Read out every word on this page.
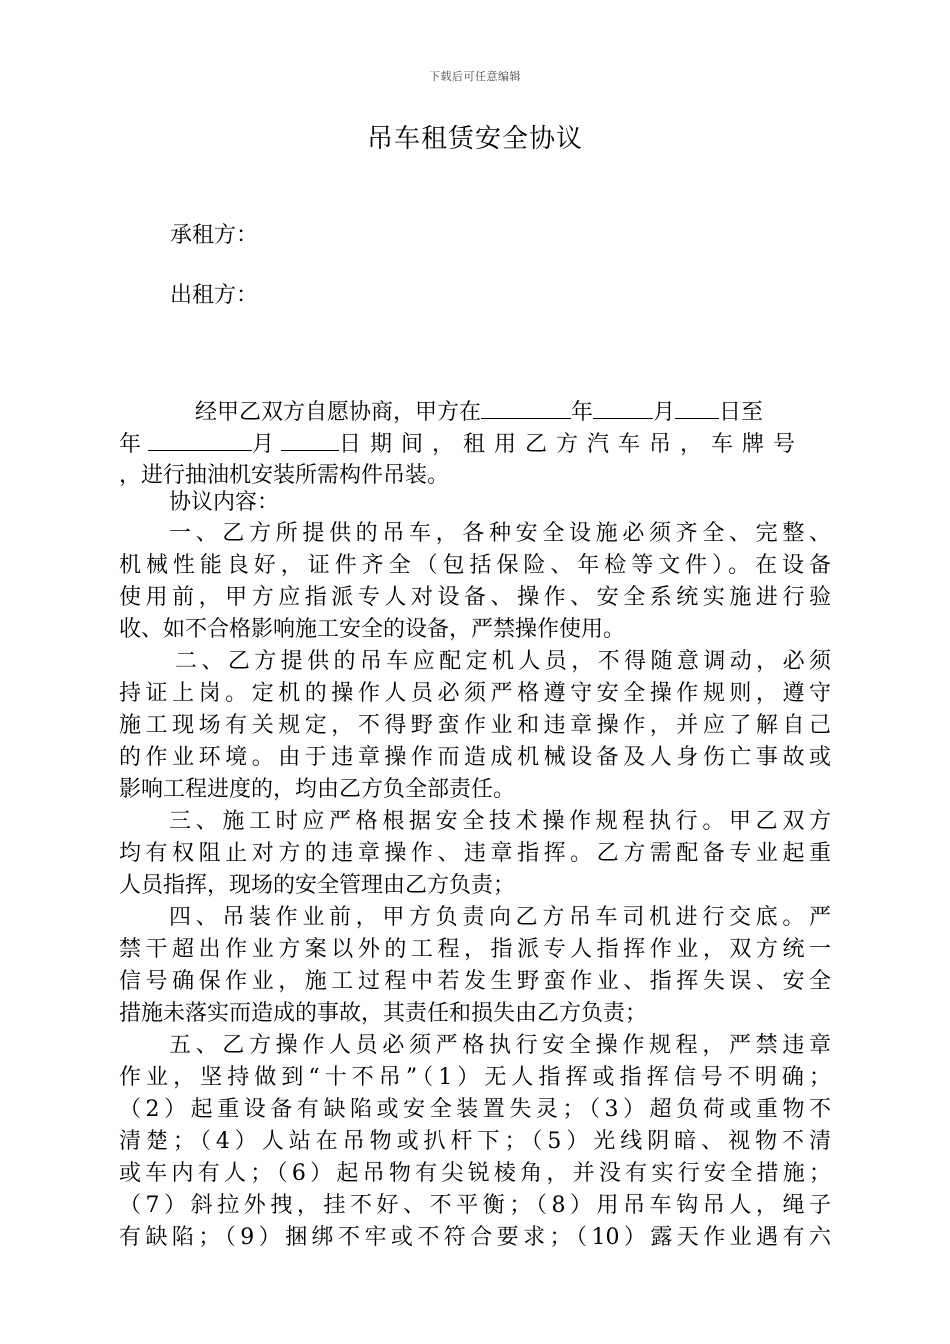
下载后可任意编辑
吊车租赁安全协议
承租方：
出租方：
经甲乙双方自愿协商，甲方在	年	月 日至
年	月	日期间，租用乙方汽车吊，车牌号
，进行抽油机安装所需构件吊装。
协议内容：
一、乙方所提供的吊车，各种安全设施必须齐全、完整、
机械性能良好，证件齐全（包括保险、年检等文件）。在设备
使用前，甲方应指派专人对设备、操作、安全系统实施进行验
收、如不合格影响施工安全的设备，严禁操作使用。
二、乙方提供的吊车应配定机人员，不得随意调动，必须
持证上岗。定机的操作人员必须严格遵守安全操作规则，遵守
施工现场有关规定，不得野蛮作业和违章操作，并应了解自己
的作业环境。由于违章操作而造成机械设备及人身伤亡事故或
影响工程进度的，均由乙方负全部责任。
三、施工时应严格根据安全技术操作规程执行。甲乙双方
均有权阻止对方的违章操作、违章指挥。乙方需配备专业起重
人员指挥，现场的安全管理由乙方负责；
四、吊装作业前，甲方负责向乙方吊车司机进行交底。严
禁干超出作业方案以外的工程，指派专人指挥作业，双方统一
信号确保作业，施工过程中若发生野蛮作业、指挥失误、安全
措施未落实而造成的事故，其责任和损失由乙方负责；
五、乙方操作人员必须严格执行安全操作规程，严禁违章
作业，坚持做到“十不吊”（1）无人指挥或指挥信号不明确；
（2）起重设备有缺陷或安全装置失灵；（3）超负荷或重物不
清楚；（4）人站在吊物或扒杆下；（5）光线阴暗、视物不清
或车内有人；（6）起吊物有尖锐棱角，并没有实行安全措施；
（7）斜拉外拽，挂不好、不平衡；（8）用吊车钩吊人，绳子
有缺陷；（9）捆绑不牢或不符合要求；（10）露天作业遇有六
